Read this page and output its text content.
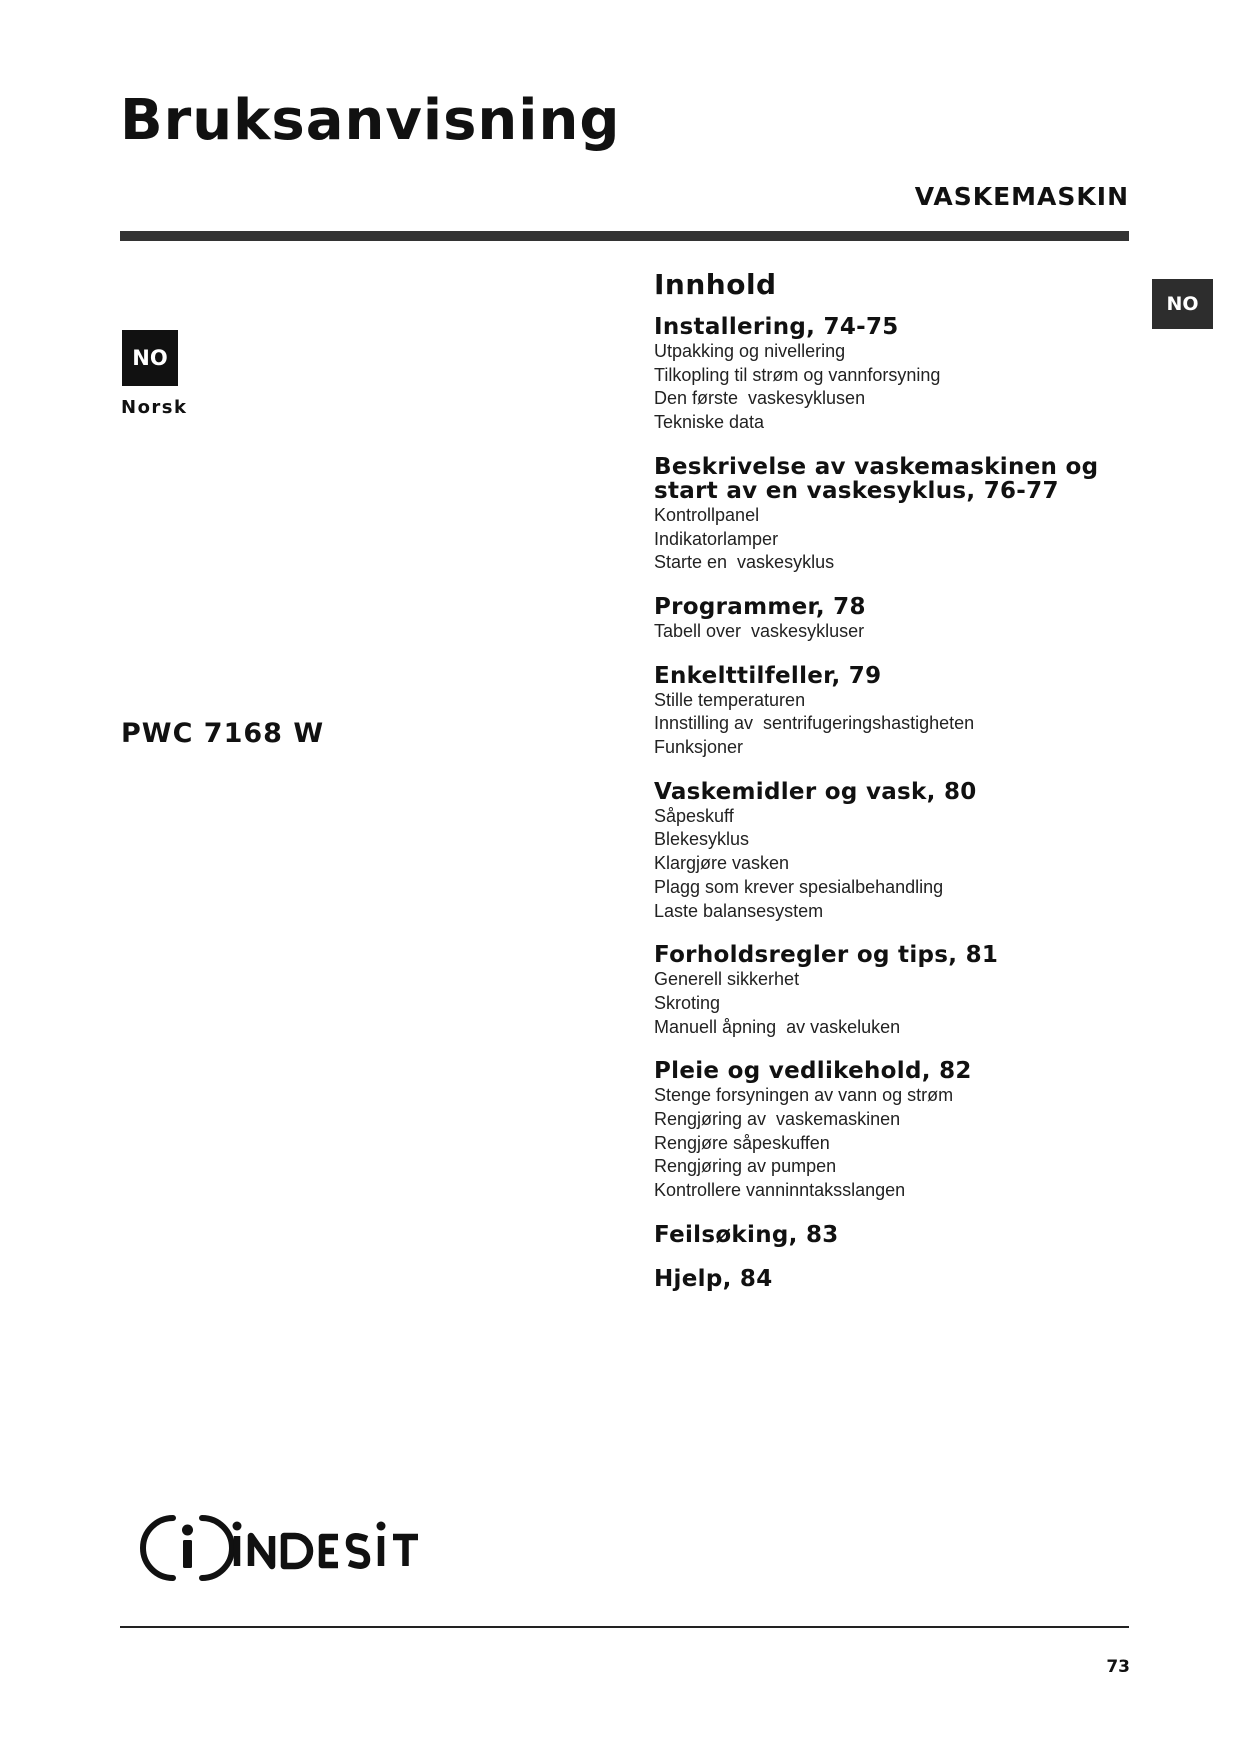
Bruksanvisning
VASKEMASKIN
NO
NO
Norsk
PWC 7168 W
Innhold
Installering, 74-75
Utpakking og nivellering
Tilkopling til strøm og vannforsyning
Den første  vaskesyklusen
Tekniske data
Beskrivelse av vaskemaskinen og
start av en vaskesyklus, 76-77
Kontrollpanel
Indikatorlamper
Starte en  vaskesyklus
Programmer, 78
Tabell over  vaskesykluser
Enkelttilfeller, 79
Stille temperaturen
Innstilling av  sentrifugeringshastigheten
Funksjoner
Vaskemidler og vask, 80
Såpeskuff
Blekesyklus
Klargjøre vasken
Plagg som krever spesialbehandling
Laste balansesystem
Forholdsregler og tips, 81
Generell sikkerhet
Skroting
Manuell åpning  av vaskeluken
Pleie og vedlikehold, 82
Stenge forsyningen av vann og strøm
Rengjøring av  vaskemaskinen
Rengjøre såpeskuffen
Rengjøring av pumpen
Kontrollere vanninntaksslangen
Feilsøking, 83
Hjelp, 84
73
